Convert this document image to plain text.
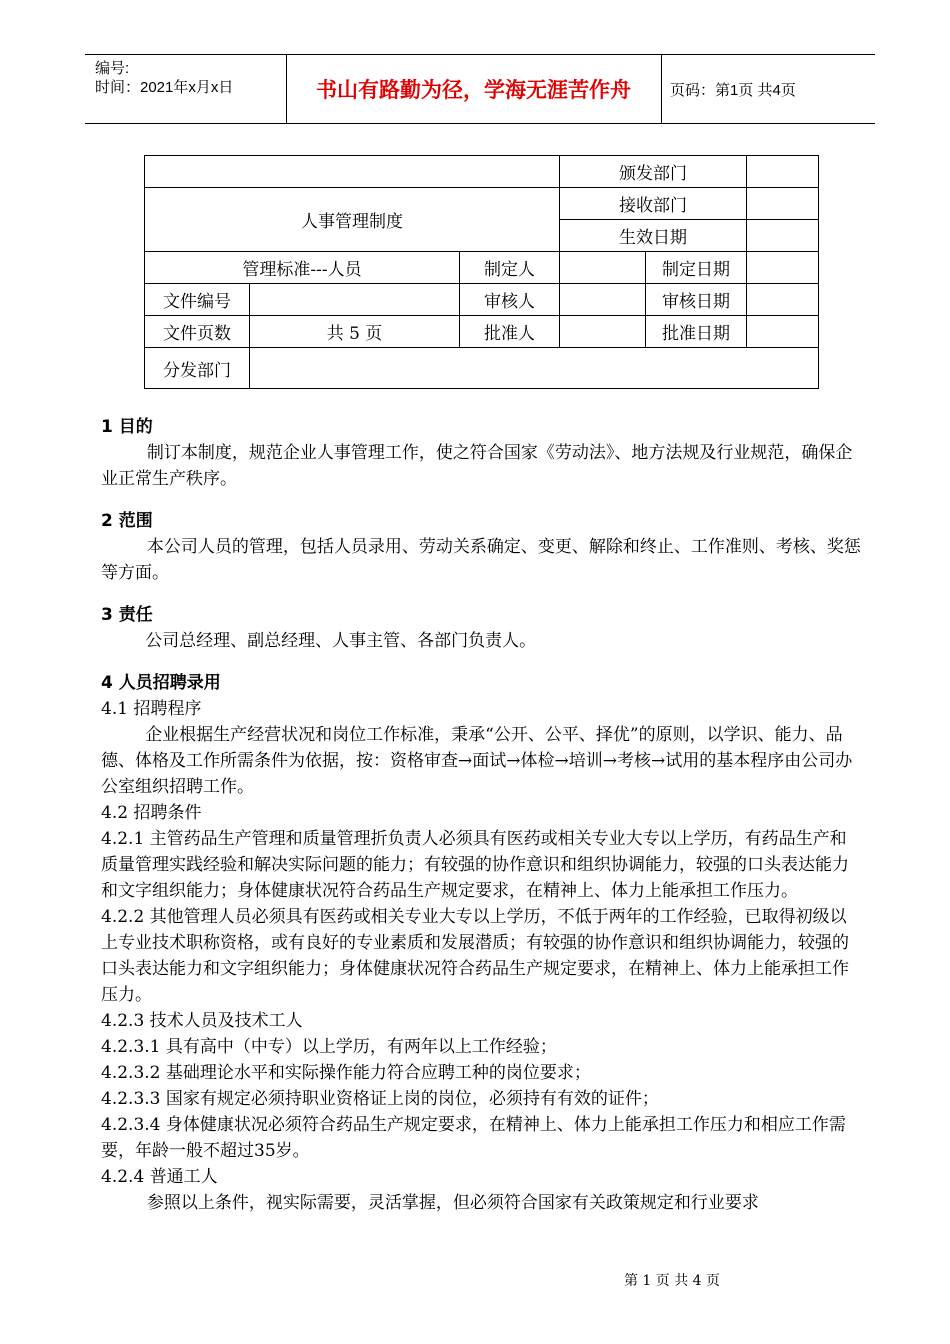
编号:
时间：2021年x月x日	书山有路勤为径，学海无涯苦作舟	页码：第1页 共4页
			颁发部门		
人事管理制度			接收部门		
			生效日期		
管理标准---人员		制定人		制定日期	
文件编号		审核人		审核日期	
文件页数	共 5 页	批准人		批准日期	
分发部门					
1 目的

制订本制度，规范企业人事管理工作，使之符合国家《劳动法》、地方法规及行业规范，确保企业正常生产秩序。

2 范围

本公司人员的管理，包括人员录用、劳动关系确定、变更、解除和终止、工作准则、考核、奖惩等方面。

3 责任

公司总经理、副总经理、人事主管、各部门负责人。

4 人员招聘录用

4.1 招聘程序

企业根据生产经营状况和岗位工作标准，秉承“公开、公平、择优”的原则，以学识、能力、品德、体格及工作所需条件为依据，按：资格审查→面试→体检→培训→考核→试用的基本程序由公司办公室组织招聘工作。

4.2 招聘条件

4.2.1 主管药品生产管理和质量管理折负责人必须具有医药或相关专业大专以上学历，有药品生产和质量管理实践经验和解决实际问题的能力；有较强的协作意识和组织协调能力，较强的口头表达能力和文字组织能力；身体健康状况符合药品生产规定要求，在精神上、体力上能承担工作压力。

4.2.2 其他管理人员必须具有医药或相关专业大专以上学历，不低于两年的工作经验，已取得初级以上专业技术职称资格，或有良好的专业素质和发展潜质；有较强的协作意识和组织协调能力，较强的口头表达能力和文字组织能力；身体健康状况符合药品生产规定要求，在精神上、体力上能承担工作压力。

4.2.3 技术人员及技术工人

4.2.3.1 具有高中（中专）以上学历，有两年以上工作经验；

4.2.3.2 基础理论水平和实际操作能力符合应聘工种的岗位要求；

4.2.3.3 国家有规定必须持职业资格证上岗的岗位，必须持有有效的证件；

4.2.3.4 身体健康状况必须符合药品生产规定要求，在精神上、体力上能承担工作压力和相应工作需要，年龄一般不超过35岁。

4.2.4 普通工人

参照以上条件，视实际需要，灵活掌握，但必须符合国家有关政策规定和行业要求

第 1 页 共 4 页
